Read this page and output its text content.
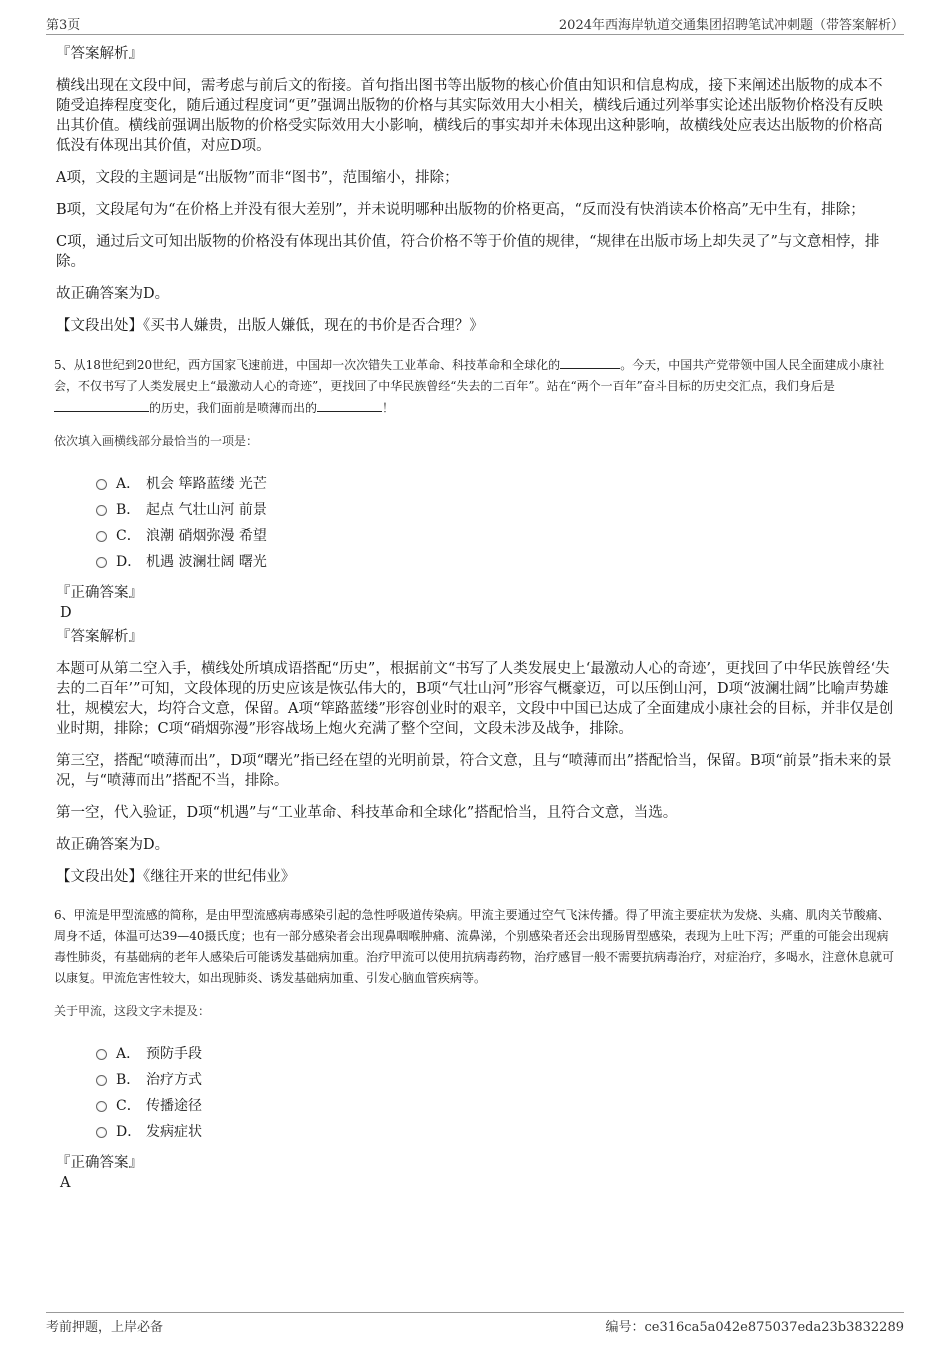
第3页	2024年西海岸轨道交通集团招聘笔试冲刺题（带答案解析）
『答案解析』

横线出现在文段中间，需考虑与前后文的衔接。首句指出图书等出版物的核心价值由知识和信息构成，接下来阐述出版物的成本不随受追捧程度变化，随后通过程度词“更”强调出版物的价格与其实际效用大小相关，横线后通过列举事实论述出版物价格没有反映出其价值。横线前强调出版物的价格受实际效用大小影响，横线后的事实却并未体现出这种影响，故横线处应表达出版物的价格高低没有体现出其价值，对应D项。

A项，文段的主题词是“出版物”而非“图书”，范围缩小，排除；

B项，文段尾句为“在价格上并没有很大差别”，并未说明哪种出版物的价格更高，“反而没有快消读本价格高”无中生有，排除；

C项，通过后文可知出版物的价格没有体现出其价值，符合价格不等于价值的规律，“规律在出版市场上却失灵了”与文意相悖，排除。

故正确答案为D。

【文段出处】《买书人嫌贵，出版人嫌低，现在的书价是否合理？》

5、从18世纪到20世纪，西方国家飞速前进，中国却一次次错失工业革命、科技革命和全球化的	。今天，中国共产党带领中国人民全面建成小康社会，不仅书写了人类发展史上“最激动人心的奇迹”，更找回了中华民族曾经“失去的二百年”。站在“两个一百年”奋斗目标的历史交汇点，我们身后是的历史，我们面前是喷薄而出的	！

依次填入画横线部分最恰当的一项是：

A． 机会 筚路蓝缕 光芒
B． 起点 气壮山河 前景
C． 浪潮 硝烟弥漫 希望
D． 机遇 波澜壮阔 曙光
『正确答案』
D
『答案解析』

本题可从第二空入手，横线处所填成语搭配“历史”，根据前文“书写了人类发展史上‘最激动人心的奇迹’，更找回了中华民族曾经‘失去的二百年’”可知，文段体现的历史应该是恢弘伟大的，B项“气壮山河”形容气概豪迈，可以压倒山河，D项“波澜壮阔”比喻声势雄壮，规模宏大，均符合文意，保留。A项“筚路蓝缕”形容创业时的艰辛，文段中中国已达成了全面建成小康社会的目标，并非仅是创业时期，排除；C项“硝烟弥漫”形容战场上炮火充满了整个空间，文段未涉及战争，排除。

第三空，搭配“喷薄而出”，D项“曙光”指已经在望的光明前景，符合文意，且与“喷薄而出”搭配恰当，保留。B项“前景”指未来的景况，与“喷薄而出”搭配不当，排除。

第一空，代入验证，D项“机遇”与“工业革命、科技革命和全球化”搭配恰当，且符合文意，当选。

故正确答案为D。

【文段出处】《继往开来的世纪伟业》

6、甲流是甲型流感的简称，是由甲型流感病毒感染引起的急性呼吸道传染病。甲流主要通过空气飞沫传播。得了甲流主要症状为发烧、头痛、肌肉关节酸痛、周身不适，体温可达39—40摄氏度；也有一部分感染者会出现鼻咽喉肿痛、流鼻涕，个别感染者还会出现肠胃型感染，表现为上吐下泻；严重的可能会出现病毒性肺炎，有基础病的老年人感染后可能诱发基础病加重。治疗甲流可以使用抗病毒药物，治疗感冒一般不需要抗病毒治疗，对症治疗，多喝水，注意休息就可以康复。甲流危害性较大，如出现肺炎、诱发基础病加重、引发心脑血管疾病等。

关于甲流，这段文字未提及：

A． 预防手段
B． 治疗方式
C． 传播途径
D． 发病症状
『正确答案』
A
考前押题，上岸必备	编号：ce316ca5a042e875037eda23b3832289
